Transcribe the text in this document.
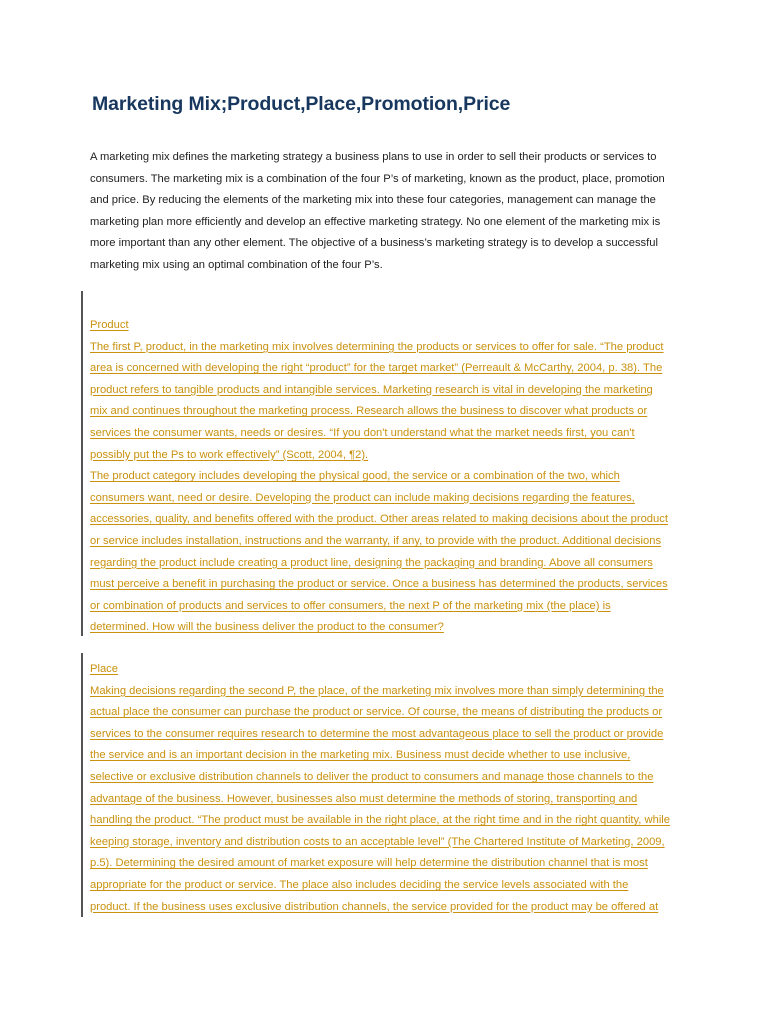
Marketing Mix;Product,Place,Promotion,Price
A marketing mix defines the marketing strategy a business plans to use in order to sell their products or services to
consumers. The marketing mix is a combination of the four P’s of marketing, known as the product, place, promotion
and price. By reducing the elements of the marketing mix into these four categories, management can manage the
marketing plan more efficiently and develop an effective marketing strategy. No one element of the marketing mix is
more important than any other element. The objective of a business’s marketing strategy is to develop a successful
marketing mix using an optimal combination of the four P’s.
Product
The first P, product, in the marketing mix involves determining the products or services to offer for sale. “The product
area is concerned with developing the right “product” for the target market” (Perreault & McCarthy, 2004, p. 38). The
product refers to tangible products and intangible services. Marketing research is vital in developing the marketing
mix and continues throughout the marketing process. Research allows the business to discover what products or
services the consumer wants, needs or desires. “If you don't understand what the market needs first, you can't
possibly put the Ps to work effectively” (Scott, 2004, ¶2).
The product category includes developing the physical good, the service or a combination of the two, which
consumers want, need or desire. Developing the product can include making decisions regarding the features,
accessories, quality, and benefits offered with the product. Other areas related to making decisions about the product
or service includes installation, instructions and the warranty, if any, to provide with the product. Additional decisions
regarding the product include creating a product line, designing the packaging and branding. Above all consumers
must perceive a benefit in purchasing the product or service. Once a business has determined the products, services
or combination of products and services to offer consumers, the next P of the marketing mix (the place) is
determined. How will the business deliver the product to the consumer?
Place
Making decisions regarding the second P, the place, of the marketing mix involves more than simply determining the
actual place the consumer can purchase the product or service. Of course, the means of distributing the products or
services to the consumer requires research to determine the most advantageous place to sell the product or provide
the service and is an important decision in the marketing mix. Business must decide whether to use inclusive,
selective or exclusive distribution channels to deliver the product to consumers and manage those channels to the
advantage of the business. However, businesses also must determine the methods of storing, transporting and
handling the product. “The product must be available in the right place, at the right time and in the right quantity, while
keeping storage, inventory and distribution costs to an acceptable level” (The Chartered Institute of Marketing, 2009,
p.5). Determining the desired amount of market exposure will help determine the distribution channel that is most
appropriate for the product or service. The place also includes deciding the service levels associated with the
product. If the business uses exclusive distribution channels, the service provided for the product may be offered at
